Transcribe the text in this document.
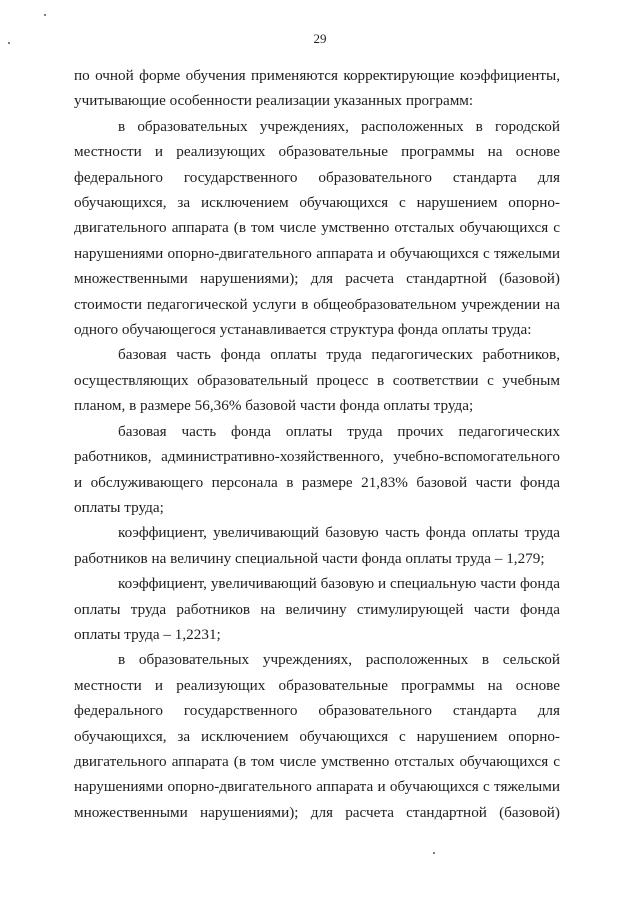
29

по очной форме обучения применяются корректирующие коэффициенты, учитывающие особенности реализации указанных программ:

в образовательных учреждениях, расположенных в городской местности и реализующих образовательные программы на основе федерального государственного образовательного стандарта для обучающихся, за исключением обучающихся с нарушением опорно-двигательного аппарата (в том числе умственно отсталых обучающихся с нарушениями опорно-двигательного аппарата и обучающихся с тяжелыми множественными нарушениями); для расчета стандартной (базовой) стоимости педагогической услуги в общеобразовательном учреждении на одного обучающегося устанавливается структура фонда оплаты труда:

базовая часть фонда оплаты труда педагогических работников, осуществляющих образовательный процесс в соответствии с учебным планом, в размере 56,36% базовой части фонда оплаты труда;

базовая часть фонда оплаты труда прочих педагогических работников, административно-хозяйственного, учебно-вспомогательного и обслуживающего персонала в размере 21,83% базовой части фонда оплаты труда;

коэффициент, увеличивающий базовую часть фонда оплаты труда работников на величину специальной части фонда оплаты труда – 1,279;

коэффициент, увеличивающий базовую и специальную части фонда оплаты труда работников на величину стимулирующей части фонда оплаты труда – 1,2231;

в образовательных учреждениях, расположенных в сельской местности и реализующих образовательные программы на основе федерального государственного образовательного стандарта для обучающихся, за исключением обучающихся с нарушением опорно-двигательного аппарата (в том числе умственно отсталых обучающихся с нарушениями опорно-двигательного аппарата и обучающихся с тяжелыми множественными нарушениями); для расчета стандартной (базовой)
